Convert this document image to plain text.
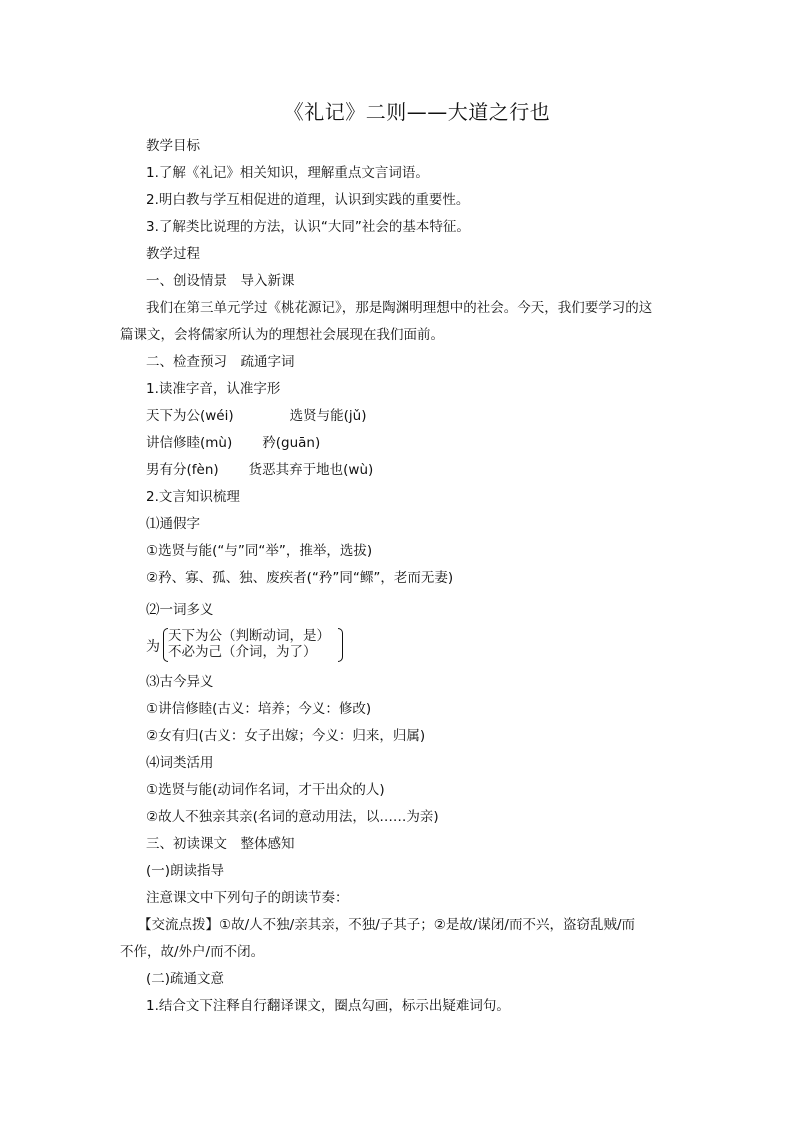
《礼记》二则——大道之行也
教学目标
1.了解《礼记》相关知识，理解重点文言词语。
2.明白教与学互相促进的道理，认识到实践的重要性。
3.了解类比说理的方法，认识“大同”社会的基本特征。
教学过程
一、创设情景　导入新课
我们在第三单元学过《桃花源记》，那是陶渊明理想中的社会。今天，我们要学习的这
篇课文，会将儒家所认为的理想社会展现在我们面前。
二、检查预习　疏通字词
1.读准字音，认准字形
天下为公(wéi)	选贤与能(jǔ)
讲信修睦(mù) 矜(guān)
男有分(fèn) 货恶其弃于地也(wù)
2.文言知识梳理
⑴通假字
①选贤与能(“与”同“举”，推举，选拔)
②矜、寡、孤、独、废疾者(“矜”同“鳏”，老而无妻)
⑵一词多义
为
天下为公（判断动词，是）
不必为己（介词，为了）
⑶古今异义
①讲信修睦(古义：培养；今义：修改)
②女有归(古义：女子出嫁；今义：归来，归属)
⑷词类活用
①选贤与能(动词作名词，才干出众的人)
②故人不独亲其亲(名词的意动用法，以……为亲)
三、初读课文　整体感知
(一)朗读指导
注意课文中下列句子的朗读节奏：
【交流点拨】①故/人不独/亲其亲，不独/子其子；②是故/谋闭/而不兴，盗窃乱贼/而
不作，故/外户/而不闭。
(二)疏通文意
1.结合文下注释自行翻译课文，圈点勾画，标示出疑难词句。
